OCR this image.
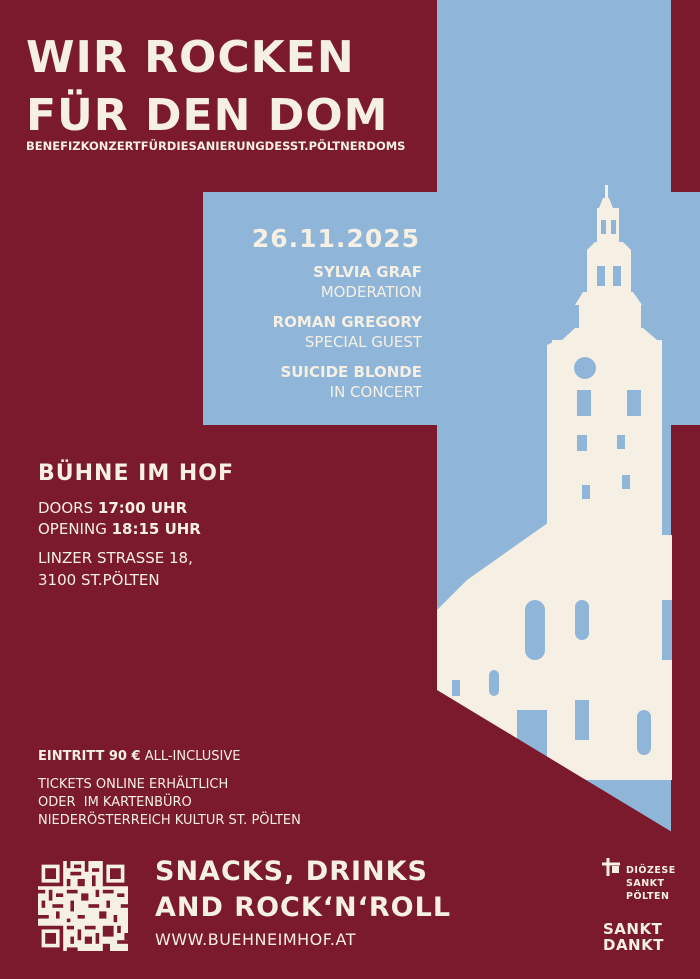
WIR ROCKEN
FÜR DEN DOM
BENEFIZKONZERTFÜRDIESANIERUNGDESST.PÖLTNERDOMS
26.11.2025
SYLVIA GRAF
MODERATION
ROMAN GREGORY
SPECIAL GUEST
SUICIDE BLONDE
IN CONCERT
BÜHNE IM HOF
DOORS 17:00 UHR
OPENING 18:15 UHR
LINZER STRASSE 18,
3100 ST.PÖLTEN
EINTRITT 90 € ALL-INCLUSIVE
TICKETS ONLINE ERHÄLTLICH
ODER  IM KARTENBÜRO
NIEDERÖSTERREICH KULTUR ST. PÖLTEN
SNACKS, DRINKS
AND ROCK‘N‘ROLL
WWW.BUEHNEIMHOF.AT
DIÖZESE
SANKT
PÖLTEN
SANKT
DANKT
